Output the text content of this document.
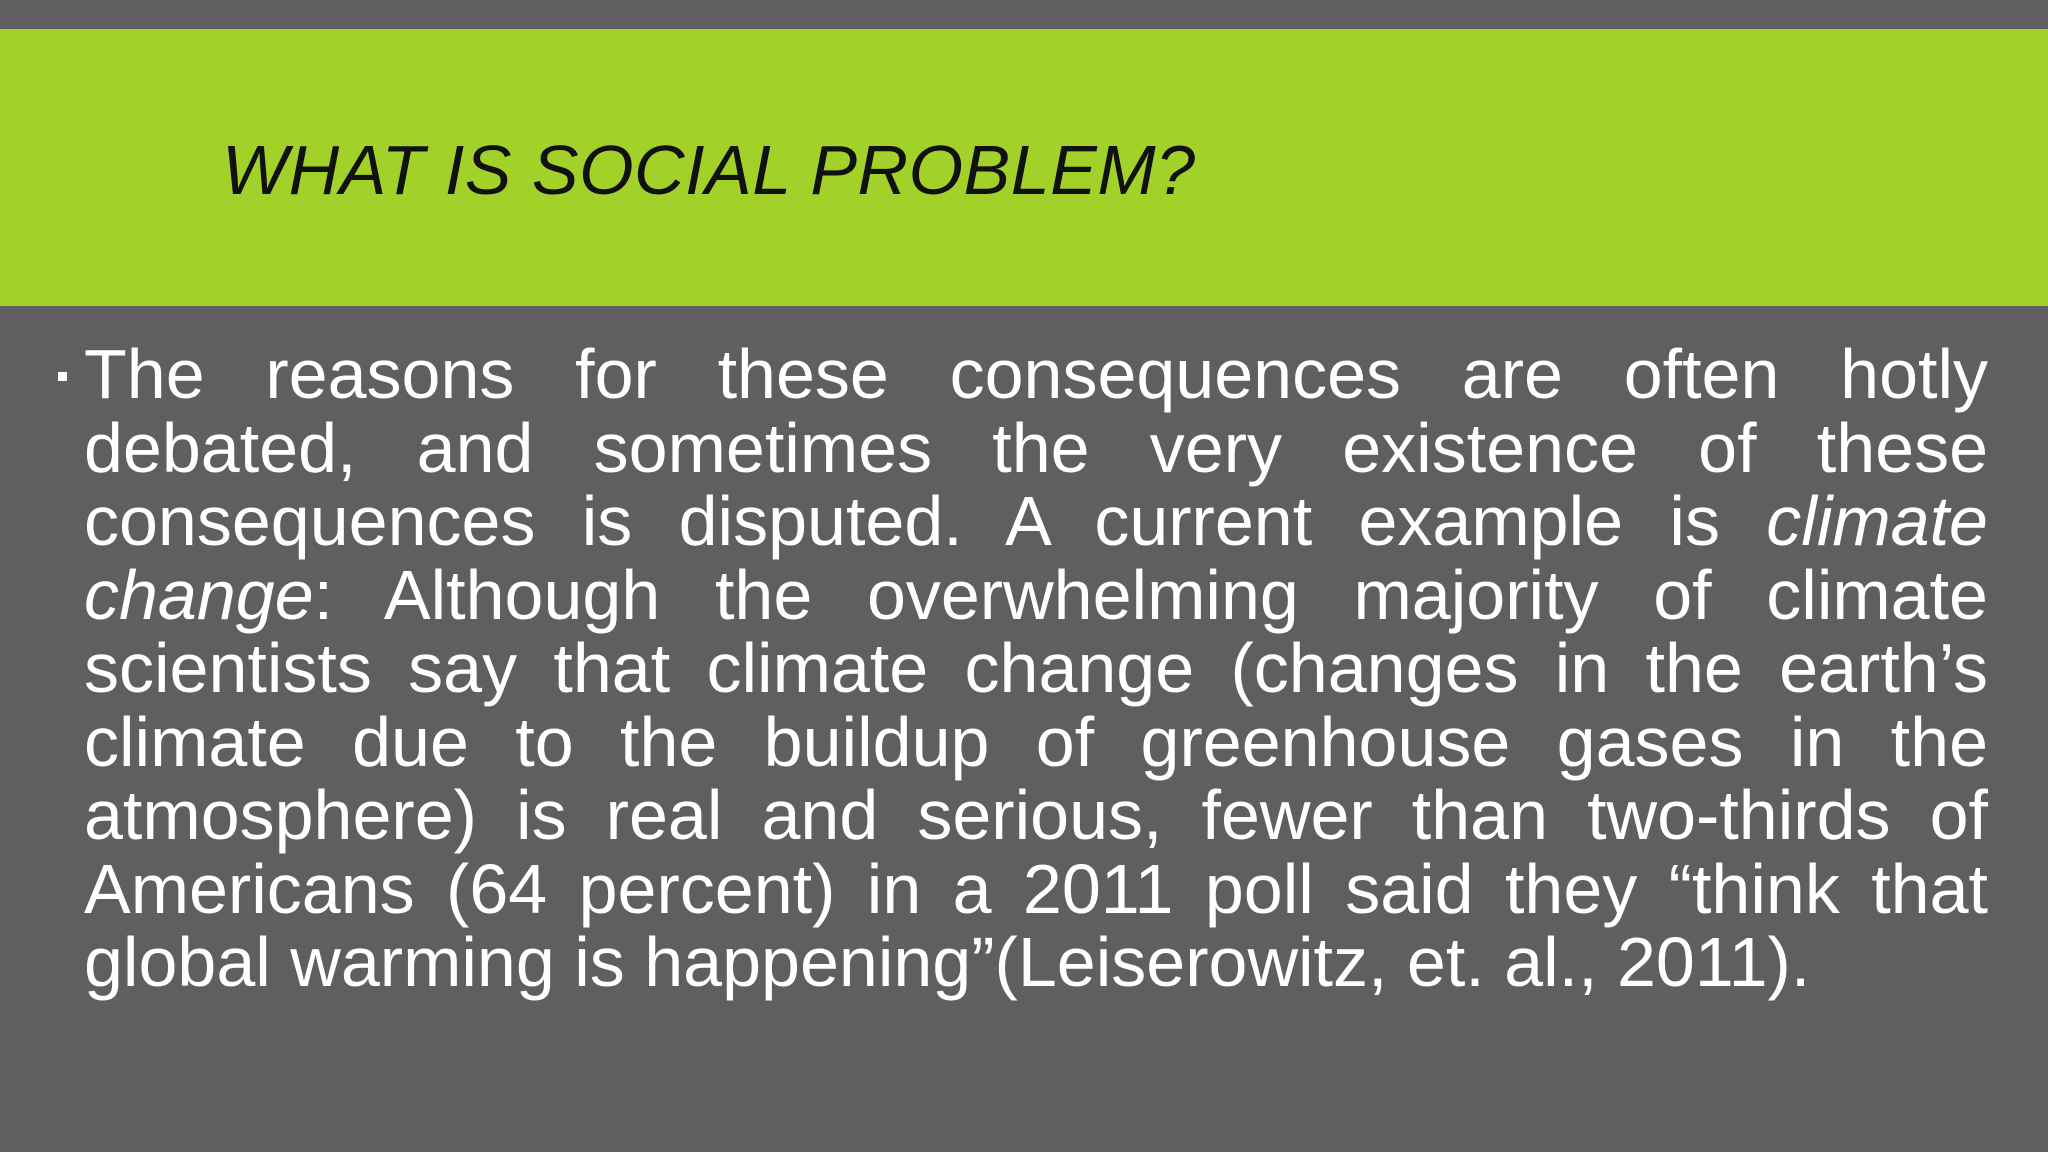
WHAT IS SOCIAL PROBLEM?

The reasons for these consequences are often hotly debated, and sometimes the very existence of these consequences is disputed. A current example is climate change: Although the overwhelming majority of climate scientists say that climate change (changes in the earth’s climate due to the buildup of greenhouse gases in the atmosphere) is real and serious, fewer than two-thirds of Americans (64 percent) in a 2011 poll said they “think that global warming is happening”(Leiserowitz, et. al., 2011).
